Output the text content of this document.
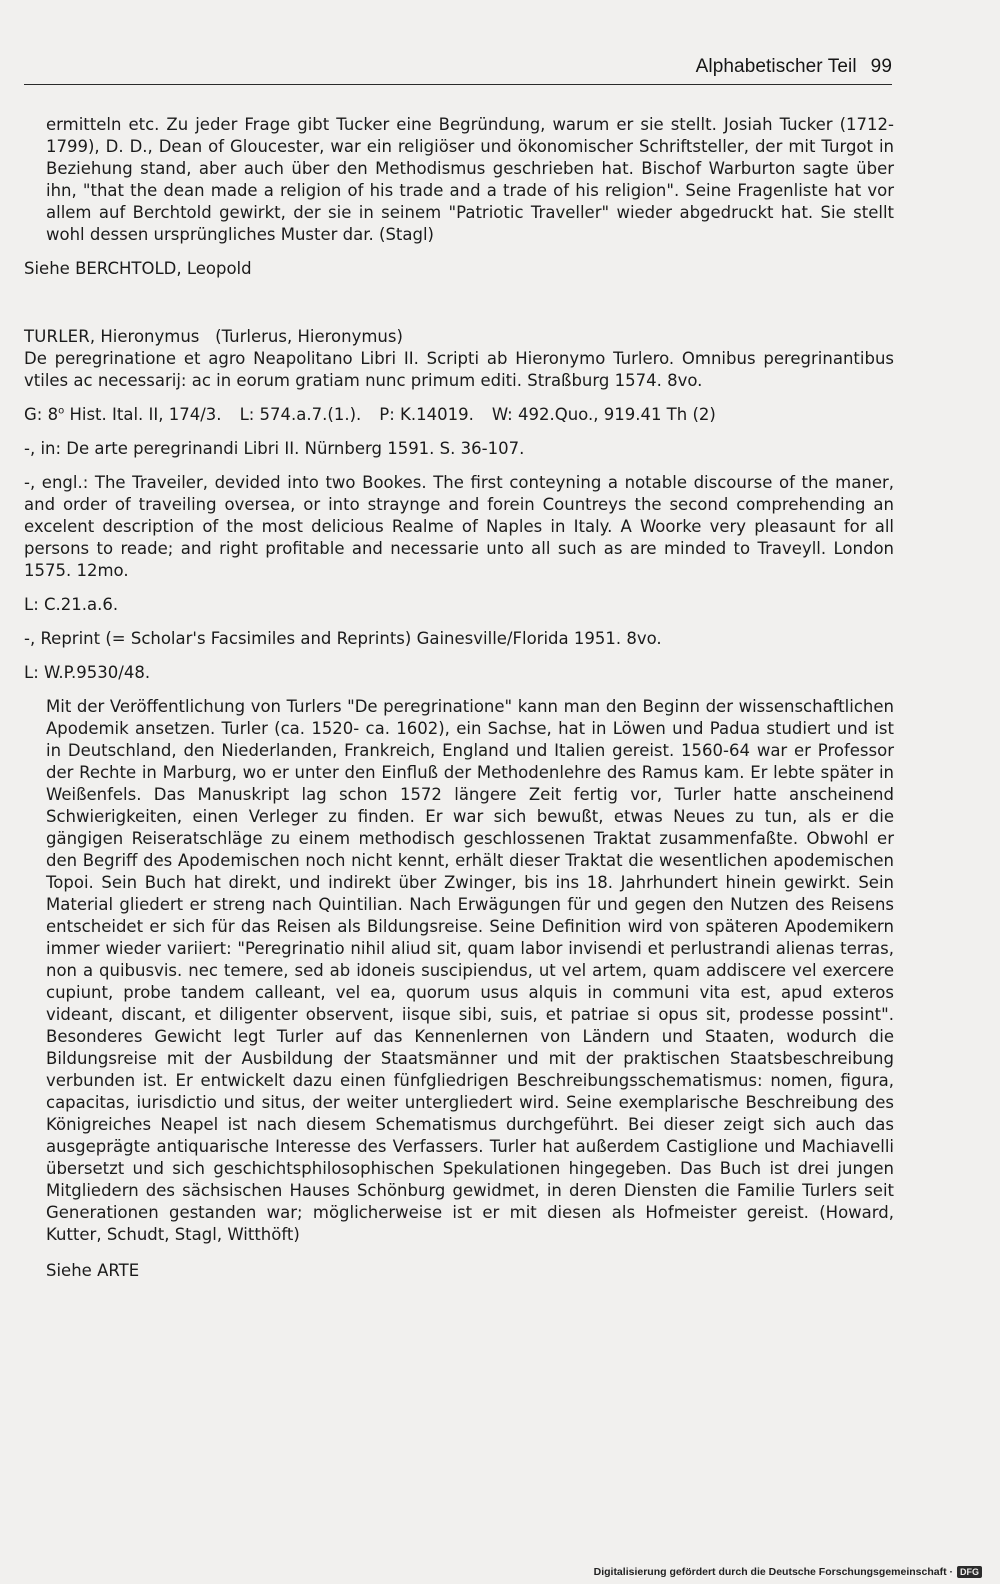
Alphabetischer Teil 99

ermitteln etc. Zu jeder Frage gibt Tucker eine Begründung, warum er sie stellt. Josiah Tucker (1712-1799), D. D., Dean of Gloucester, war ein religiöser und ökonomischer Schriftsteller, der mit Turgot in Beziehung stand, aber auch über den Methodismus geschrieben hat. Bischof Warburton sagte über ihn, "that the dean made a religion of his trade and a trade of his religion". Seine Fragenliste hat vor allem auf Berchtold gewirkt, der sie in seinem "Patriotic Traveller" wieder abgedruckt hat. Sie stellt wohl dessen ursprüngliches Muster dar. (Stagl)

Siehe BERCHTOLD, Leopold

TURLER, Hieronymus   (Turlerus, Hieronymus)

De peregrinatione et agro Neapolitano Libri II. Scripti ab Hieronymo Turlero. Omnibus peregrinantibus vtiles ac necessarij: ac in eorum gratiam nunc primum editi. Straßburg 1574. 8vo.

G: 8$^o$ Hist. Ital. II, 174/3. L: 574.a.7.(1.). P: K.14019. W: 492.Quo., 919.41 Th (2)

-, in: De arte peregrinandi Libri II. Nürnberg 1591. S. 36-107.

-, engl.: The Traveiler, devided into two Bookes. The first conteyning a notable discourse of the maner, and order of traveiling oversea, or into straynge and forein Countreys the second comprehending an excelent description of the most delicious Realme of Naples in Italy. A Woorke very pleasaunt for all persons to reade; and right profitable and necessarie unto all such as are minded to Traveyll. London 1575. 12mo.

L: C.21.a.6.

-, Reprint (= Scholar's Facsimiles and Reprints) Gainesville/Florida 1951. 8vo.

L: W.P.9530/48.

Mit der Veröffentlichung von Turlers "De peregrinatione" kann man den Beginn der wissenschaftlichen Apodemik ansetzen. Turler (ca. 1520- ca. 1602), ein Sachse, hat in Löwen und Padua studiert und ist in Deutschland, den Niederlanden, Frankreich, England und Italien gereist. 1560-64 war er Professor der Rechte in Marburg, wo er unter den Einfluß der Methodenlehre des Ramus kam. Er lebte später in Weißenfels. Das Manuskript lag schon 1572 längere Zeit fertig vor, Turler hatte anscheinend Schwierigkeiten, einen Verleger zu finden. Er war sich bewußt, etwas Neues zu tun, als er die gängigen Reiseratschläge zu einem methodisch geschlossenen Traktat zusammenfaßte. Obwohl er den Begriff des Apodemischen noch nicht kennt, erhält dieser Traktat die wesentlichen apodemischen Topoi. Sein Buch hat direkt, und indirekt über Zwinger, bis ins 18. Jahrhundert hinein gewirkt. Sein Material gliedert er streng nach Quintilian. Nach Erwägungen für und gegen den Nutzen des Reisens entscheidet er sich für das Reisen als Bildungsreise. Seine Definition wird von späteren Apodemikern immer wieder variiert: "Peregrinatio nihil aliud sit, quam labor invisendi et perlustrandi alienas terras, non a quibusvis. nec temere, sed ab idoneis suscipiendus, ut vel artem, quam addiscere vel exercere cupiunt, probe tandem calleant, vel ea, quorum usus alquis in communi vita est, apud exteros videant, discant, et diligenter observent, iisque sibi, suis, et patriae si opus sit, prodesse possint". Besonderes Gewicht legt Turler auf das Kennenlernen von Ländern und Staaten, wodurch die Bildungsreise mit der Ausbildung der Staatsmänner und mit der praktischen Staatsbeschreibung verbunden ist. Er entwickelt dazu einen fünfgliedrigen Beschreibungsschematismus: nomen, figura, capacitas, iurisdictio und situs, der weiter untergliedert wird. Seine exemplarische Beschreibung des Königreiches Neapel ist nach diesem Schematismus durchgeführt. Bei dieser zeigt sich auch das ausgeprägte antiquarische Interesse des Verfassers. Turler hat außerdem Castiglione und Machiavelli übersetzt und sich geschichtsphilosophischen Spekulationen hingegeben. Das Buch ist drei jungen Mitgliedern des sächsischen Hauses Schönburg gewidmet, in deren Diensten die Familie Turlers seit Generationen gestanden war; möglicherweise ist er mit diesen als Hofmeister gereist. (Howard, Kutter, Schudt, Stagl, Witthöft)

Siehe ARTE

Digitalisierung gefördert durch die Deutsche Forschungsgemeinschaft · DFG
